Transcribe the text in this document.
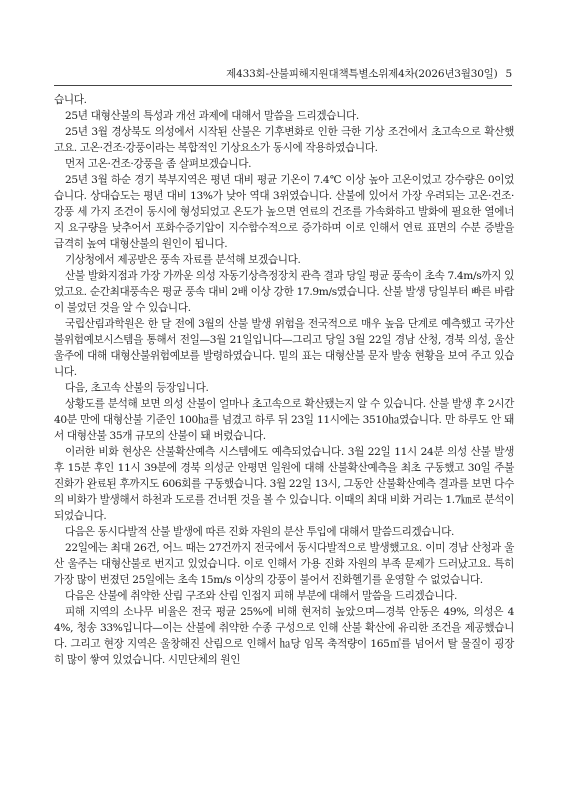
제433회-산불피해지원대책특별소위제4차(2026년3월30일) 5

습니다.

25년 대형산불의 특성과 개선 과제에 대해서 말씀을 드리겠습니다.

25년 3월 경상북도 의성에서 시작된 산불은 기후변화로 인한 극한 기상 조건에서 초고속으로 확산했고요. 고온·건조·강풍이라는 복합적인 기상요소가 동시에 작용하였습니다.

먼저 고온·건조·강풍을 좀 살펴보겠습니다.

25년 3월 하순 경기 북부지역은 평년 대비 평균 기온이 7.4℃ 이상 높아 고온이었고 강수량은 0이었습니다. 상대습도는 평년 대비 13%가 낮아 역대 3위였습니다. 산불에 있어서 가장 우려되는 고온·건조·강풍 세 가지 조건이 동시에 형성되었고 온도가 높으면 연료의 건조를 가속화하고 발화에 필요한 열에너지 요구량을 낮추어서 포화수증기압이 지수함수적으로 증가하며 이로 인해서 연료 표면의 수분 증발을 급격히 높여 대형산불의 원인이 됩니다.

기상청에서 제공받은 풍속 자료를 분석해 보겠습니다.

산불 발화지점과 가장 가까운 의성 자동기상측정장치 관측 결과 당일 평균 풍속이 초속 7.4m/s까지 있었고요. 순간최대풍속은 평균 풍속 대비 2배 이상 강한 17.9m/s였습니다. 산불 발생 당일부터 빠른 바람이 불었던 것을 알 수 있습니다.

국립산림과학원은 한 달 전에 3월의 산불 발생 위험을 전국적으로 매우 높음 단계로 예측했고 국가산불위험예보시스템을 통해서 전일—3월 21일입니다—그리고 당일 3월 22일 경남 산청, 경북 의성, 울산 울주에 대해 대형산불위험예보를 발령하였습니다. 밑의 표는 대형산불 문자 발송 현황을 보여 주고 있습니다.

다음, 초고속 산불의 등장입니다.

상황도를 분석해 보면 의성 산불이 얼마나 초고속으로 확산됐는지 알 수 있습니다. 산불 발생 후 2시간 40분 만에 대형산불 기준인 100㏊를 넘겼고 하루 뒤 23일 11시에는 3510㏊였습니다. 만 하루도 안 돼서 대형산불 35개 규모의 산불이 돼 버렸습니다.

이러한 비화 현상은 산불확산예측 시스템에도 예측되었습니다. 3월 22일 11시 24분 의성 산불 발생 후 15분 후인 11시 39분에 경북 의성군 안평면 일원에 대해 산불확산예측을 최초 구동했고 30일 주불 진화가 완료된 후까지도 606회를 구동했습니다. 3월 22일 13시, 그동안 산불확산예측 결과를 보면 다수의 비화가 발생해서 하천과 도로를 건너뛴 것을 볼 수 있습니다. 이때의 최대 비화 거리는 1.7㎞로 분석이 되었습니다.

다음은 동시다발적 산불 발생에 따른 진화 자원의 분산 투입에 대해서 말씀드리겠습니다.

22일에는 최대 26건, 어느 때는 27건까지 전국에서 동시다발적으로 발생했고요. 이미 경남 산청과 울산 울주는 대형산불로 번지고 있었습니다. 이로 인해서 가용 진화 자원의 부족 문제가 드러났고요. 특히 가장 많이 번졌던 25일에는 초속 15m/s 이상의 강풍이 불어서 진화헬기를 운영할 수 없었습니다.

다음은 산불에 취약한 산림 구조와 산림 인접지 피해 부분에 대해서 말씀을 드리겠습니다.

피해 지역의 소나무 비율은 전국 평균 25%에 비해 현저히 높았으며—경북 안동은 49%, 의성은 44%, 청송 33%입니다—이는 산불에 취약한 수종 구성으로 인해 산불 확산에 유리한 조건을 제공했습니다. 그리고 현장 지역은 울창해진 산림으로 인해서 ㏊당 임목 축적량이 165㎥를 넘어서 탈 물질이 굉장히 많이 쌓여 있었습니다. 시민단체의 원인
